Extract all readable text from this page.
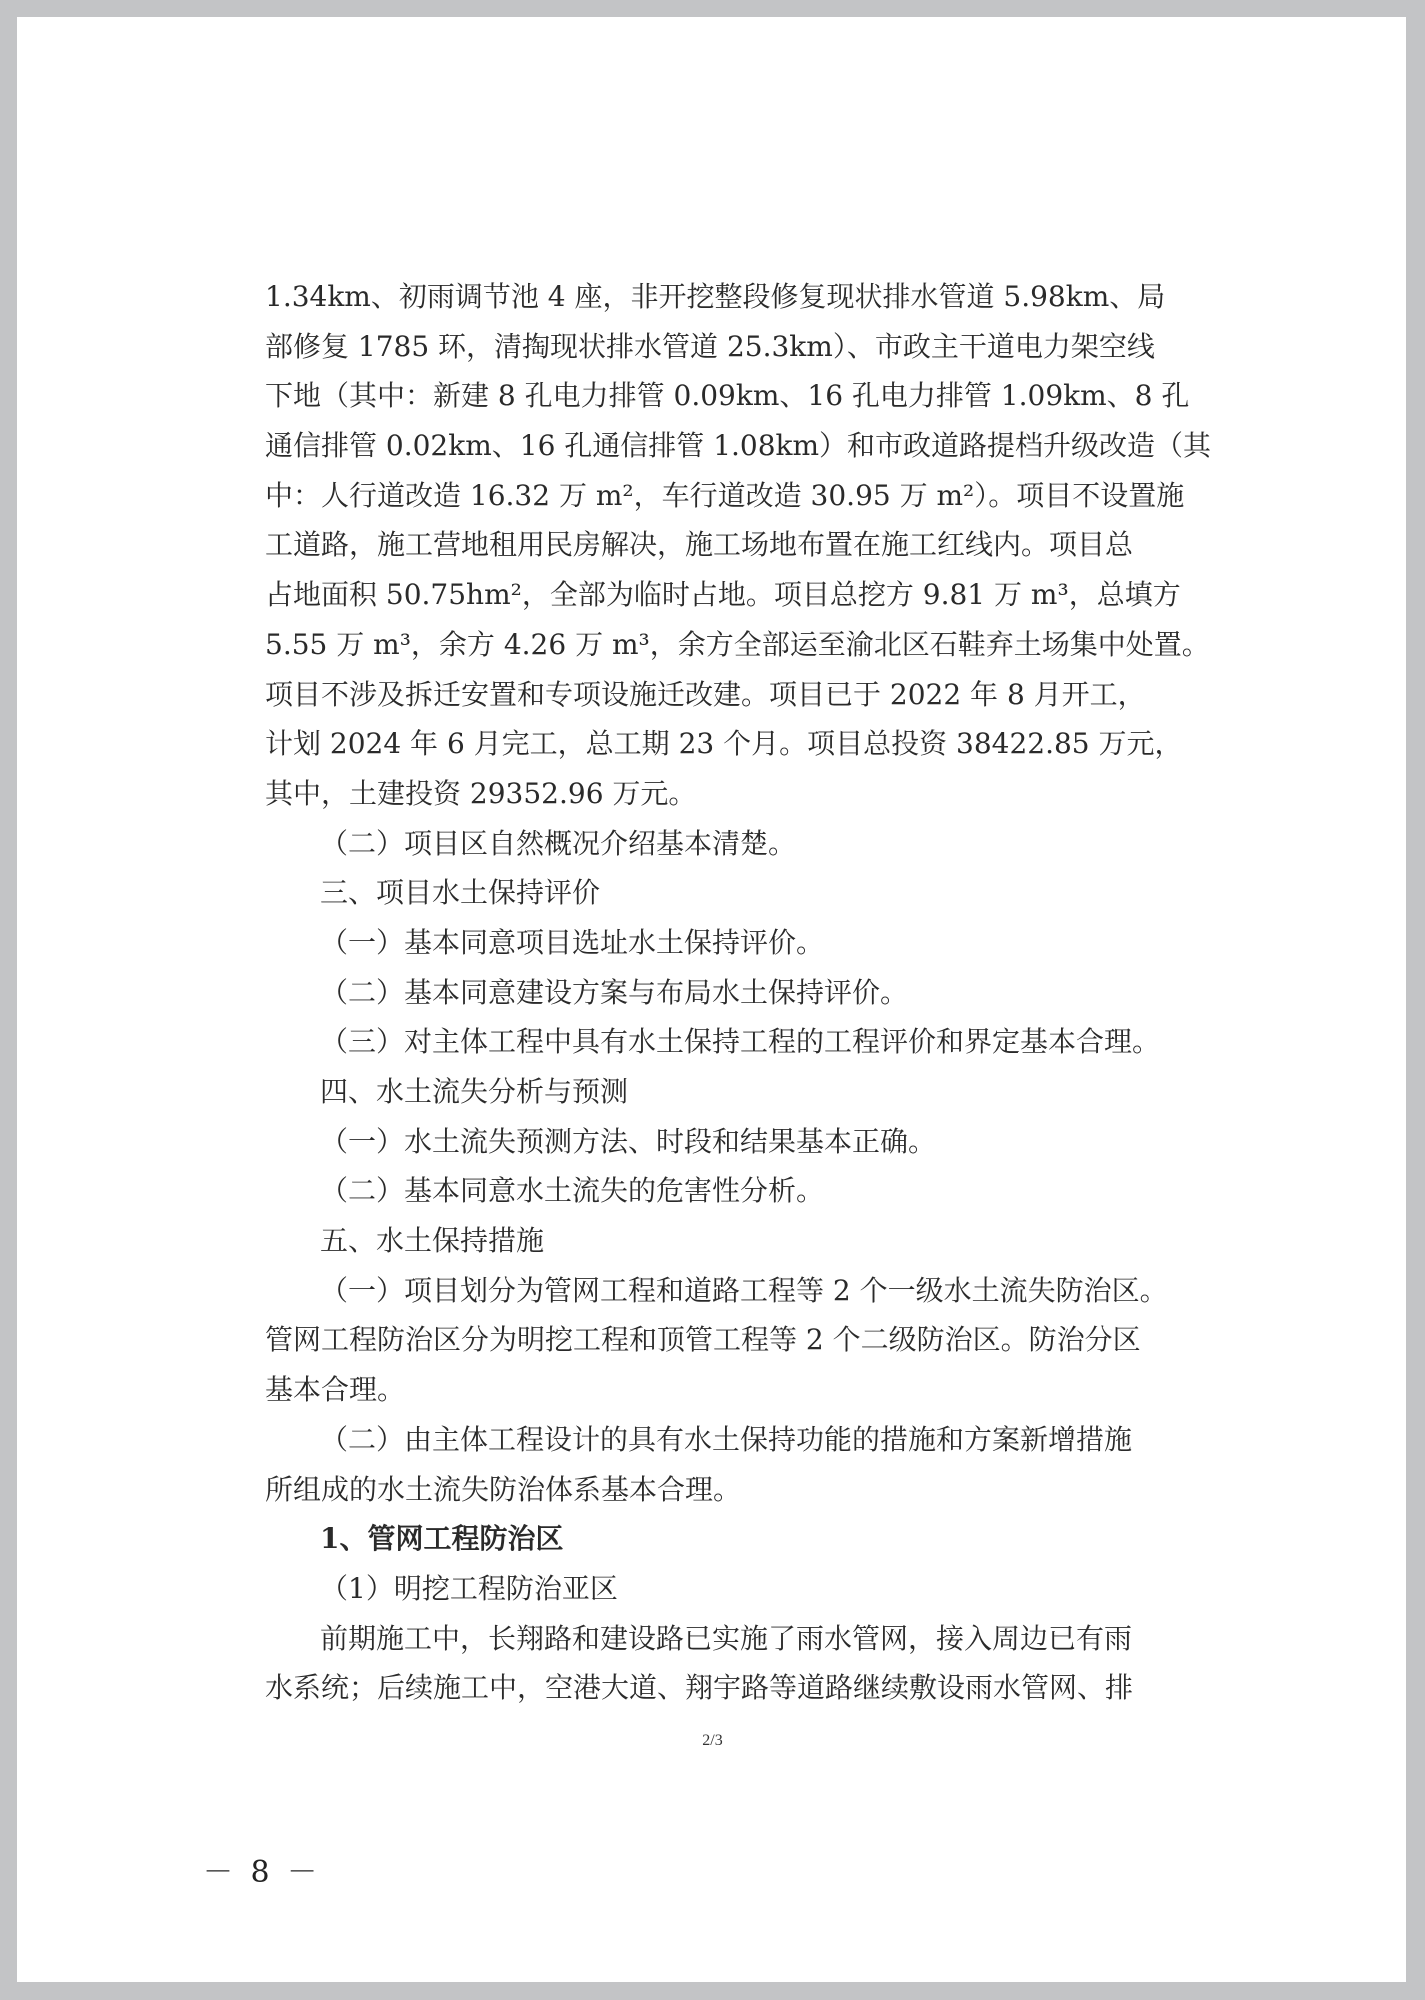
1.34km、初雨调节池 4 座，非开挖整段修复现状排水管道 5.98km、局
部修复 1785 环，清掏现状排水管道 25.3km）、市政主干道电力架空线
下地（其中：新建 8 孔电力排管 0.09km、16 孔电力排管 1.09km、8 孔
通信排管 0.02km、16 孔通信排管 1.08km）和市政道路提档升级改造（其
中：人行道改造 16.32 万 m²，车行道改造 30.95 万 m²）。项目不设置施
工道路，施工营地租用民房解决，施工场地布置在施工红线内。项目总
占地面积 50.75hm²，全部为临时占地。项目总挖方 9.81 万 m³，总填方
5.55 万 m³，余方 4.26 万 m³，余方全部运至渝北区石鞋弃土场集中处置。
项目不涉及拆迁安置和专项设施迁改建。项目已于 2022 年 8 月开工，
计划 2024 年 6 月完工，总工期 23 个月。项目总投资 38422.85 万元，
其中，土建投资 29352.96 万元。
（二）项目区自然概况介绍基本清楚。
三、项目水土保持评价
（一）基本同意项目选址水土保持评价。
（二）基本同意建设方案与布局水土保持评价。
（三）对主体工程中具有水土保持工程的工程评价和界定基本合理。
四、水土流失分析与预测
（一）水土流失预测方法、时段和结果基本正确。
（二）基本同意水土流失的危害性分析。
五、水土保持措施
（一）项目划分为管网工程和道路工程等 2 个一级水土流失防治区。
管网工程防治区分为明挖工程和顶管工程等 2 个二级防治区。防治分区
基本合理。
（二）由主体工程设计的具有水土保持功能的措施和方案新增措施
所组成的水土流失防治体系基本合理。
1、管网工程防治区
（1）明挖工程防治亚区
前期施工中，长翔路和建设路已实施了雨水管网，接入周边已有雨
水系统；后续施工中，空港大道、翔宇路等道路继续敷设雨水管网、排
2/3
－ 8 －
